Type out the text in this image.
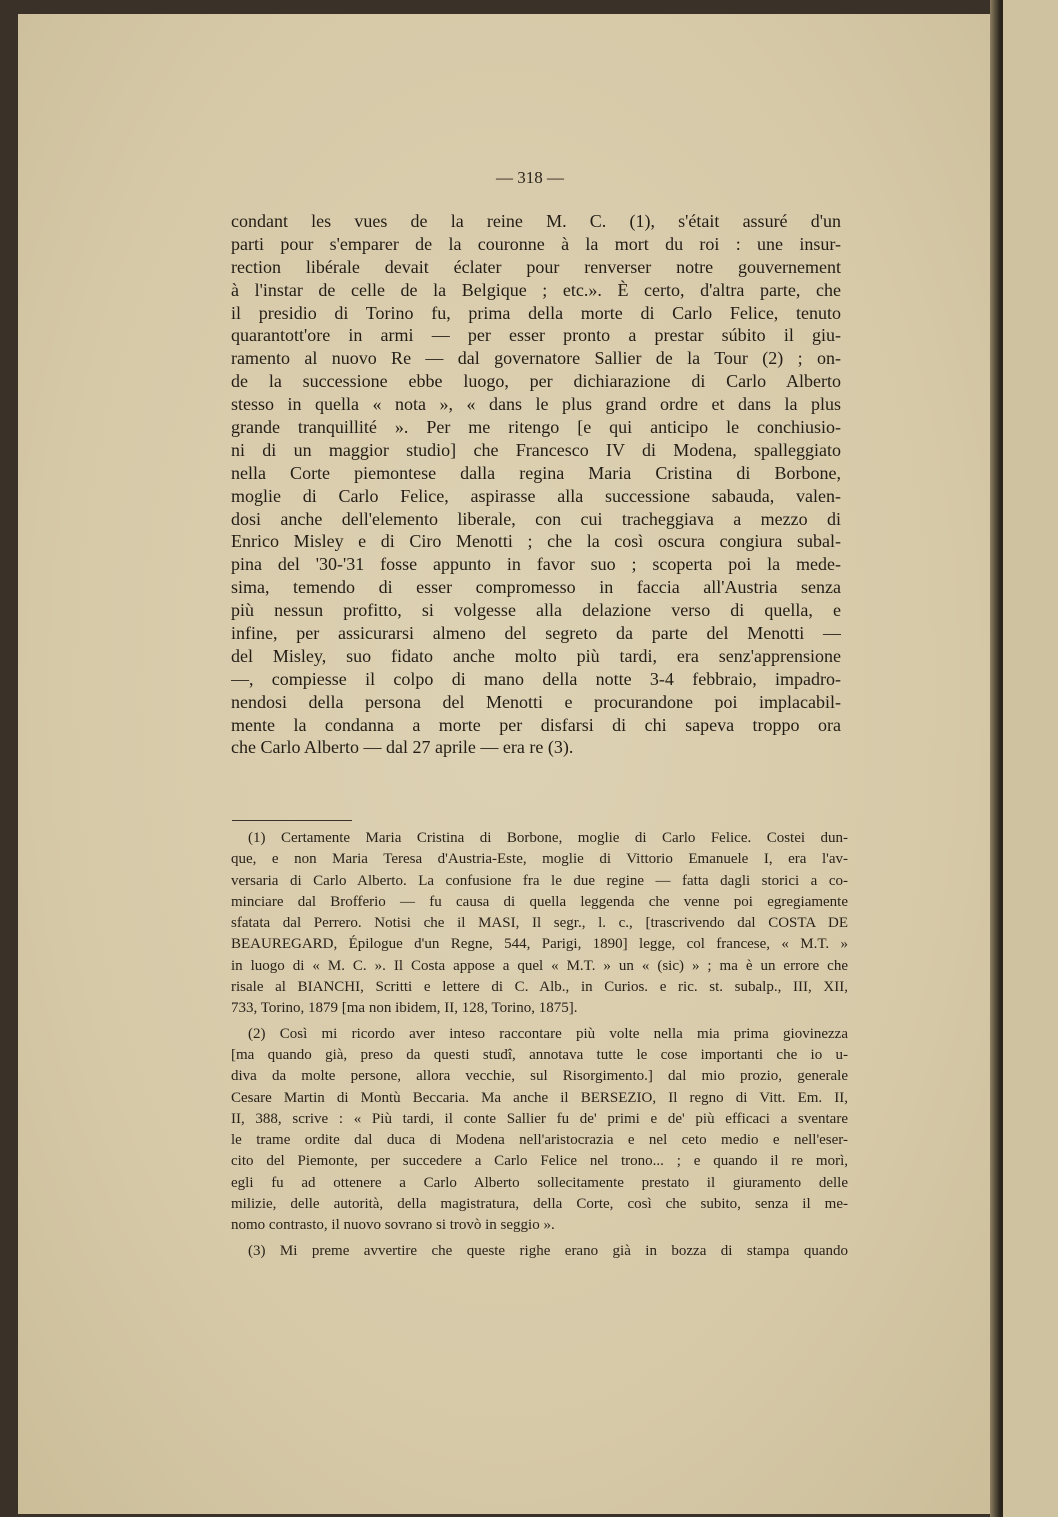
— 318 —
condant les vues de la reine M. C. (1), s'était assuré d'un
parti pour s'emparer de la couronne à la mort du roi : une insur-
rection libérale devait éclater pour renverser notre gouvernement
à l'instar de celle de la Belgique ; etc.». È certo, d'altra parte, che
il presidio di Torino fu, prima della morte di Carlo Felice, tenuto
quarantott'ore in armi — per esser pronto a prestar súbito il giu-
ramento al nuovo Re — dal governatore Sallier de la Tour (2) ; on-
de la successione ebbe luogo, per dichiarazione di Carlo Alberto
stesso in quella « nota », « dans le plus grand ordre et dans la plus
grande tranquillité ». Per me ritengo [e qui anticipo le conchiusio-
ni di un maggior studio] che Francesco IV di Modena, spalleggiato
nella Corte piemontese dalla regina Maria Cristina di Borbone,
moglie di Carlo Felice, aspirasse alla successione sabauda, valen-
dosi anche dell'elemento liberale, con cui tracheggiava a mezzo di
Enrico Misley e di Ciro Menotti ; che la così oscura congiura subal-
pina del '30-'31 fosse appunto in favor suo ; scoperta poi la mede-
sima, temendo di esser compromesso in faccia all'Austria senza
più nessun profitto, si volgesse alla delazione verso di quella, e
infine, per assicurarsi almeno del segreto da parte del Menotti —
del Misley, suo fidato anche molto più tardi, era senz'apprensione
—, compiesse il colpo di mano della notte 3-4 febbraio, impadro-
nendosi della persona del Menotti e procurandone poi implacabil-
mente la condanna a morte per disfarsi di chi sapeva troppo ora
che Carlo Alberto — dal 27 aprile — era re (3).
(1) Certamente Maria Cristina di Borbone, moglie di Carlo Felice. Costei dun-
que, e non Maria Teresa d'Austria-Este, moglie di Vittorio Emanuele I, era l'av-
versaria di Carlo Alberto. La confusione fra le due regine — fatta dagli storici a co-
minciare dal Brofferio — fu causa di quella leggenda che venne poi egregiamente
sfatata dal Perrero. Notisi che il MASI, Il segr., l. c., [trascrivendo dal COSTA DE
BEAUREGARD, Épilogue d'un Regne, 544, Parigi, 1890] legge, col francese, « M.T. »
in luogo di « M. C. ». Il Costa appose a quel « M.T. » un « (sic) » ; ma è un errore che
risale al BIANCHI, Scritti e lettere di C. Alb., in Curios. e ric. st. subalp., III, XII,
733, Torino, 1879 [ma non ibidem, II, 128, Torino, 1875].
(2) Così mi ricordo aver inteso raccontare più volte nella mia prima giovinezza
[ma quando già, preso da questi studî, annotava tutte le cose importanti che io u-
diva da molte persone, allora vecchie, sul Risorgimento.] dal mio prozio, generale
Cesare Martin di Montù Beccaria. Ma anche il BERSEZIO, Il regno di Vitt. Em. II,
II, 388, scrive : « Più tardi, il conte Sallier fu de' primi e de' più efficaci a sventare
le trame ordite dal duca di Modena nell'aristocrazia e nel ceto medio e nell'eser-
cito del Piemonte, per succedere a Carlo Felice nel trono... ; e quando il re morì,
egli fu ad ottenere a Carlo Alberto sollecitamente prestato il giuramento delle
milizie, delle autorità, della magistratura, della Corte, così che subito, senza il me-
nomo contrasto, il nuovo sovrano si trovò in seggio ».
(3) Mi preme avvertire che queste righe erano già in bozza di stampa quando
